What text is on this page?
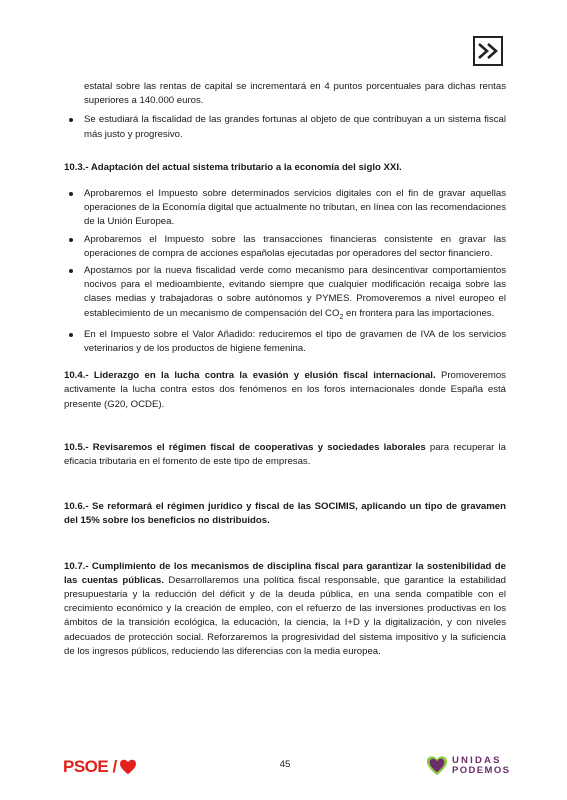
estatal sobre las rentas de capital se incrementará en 4 puntos porcentuales para dichas rentas superiores a 140.000 euros.
Se estudiará la fiscalidad de las grandes fortunas al objeto de que contribuyan a un sistema fiscal más justo y progresivo.
10.3.- Adaptación del actual sistema tributario a la economía del siglo XXI.
Aprobaremos el Impuesto sobre determinados servicios digitales con el fin de gravar aquellas operaciones de la Economía digital que actualmente no tributan, en línea con las recomendaciones de la Unión Europea.
Aprobaremos el Impuesto sobre las transacciones financieras consistente en gravar las operaciones de compra de acciones españolas ejecutadas por operadores del sector financiero.
Apostamos por la nueva fiscalidad verde como mecanismo para desincentivar comportamientos nocivos para el medioambiente, evitando siempre que cualquier modificación recaiga sobre las clases medias y trabajadoras o sobre autónomos y PYMES. Promoveremos a nivel europeo el establecimiento de un mecanismo de compensación del $CO_2$ en frontera para las importaciones.
En el Impuesto sobre el Valor Añadido: reduciremos el tipo de gravamen de IVA de los servicios veterinarios y de los productos de higiene femenina.
10.4.- Liderazgo en la lucha contra la evasión y elusión fiscal internacional. Promoveremos activamente la lucha contra estos dos fenómenos en los foros internacionales donde España está presente (G20, OCDE).
10.5.- Revisaremos el régimen fiscal de cooperativas y sociedades laborales para recuperar la eficacia tributaria en el fomento de este tipo de empresas.
10.6.- Se reformará el régimen jurídico y fiscal de las SOCIMIS, aplicando un tipo de gravamen del 15% sobre los beneficios no distribuidos.
10.7.- Cumplimiento de los mecanismos de disciplina fiscal para garantizar la sostenibilidad de las cuentas públicas. Desarrollaremos una política fiscal responsable, que garantice la estabilidad presupuestaria y la reducción del déficit y de la deuda pública, en una senda compatible con el crecimiento económico y la creación de empleo, con el refuerzo de las inversiones productivas en los ámbitos de la transición ecológica, la educación, la ciencia, la I+D y la digitalización, y con niveles adecuados de protección social. Reforzaremos la progresividad del sistema impositivo y la suficiencia de los ingresos públicos, reduciendo las diferencias con la media europea.
PSOE /	45	UNIDAS
PODEMOS
